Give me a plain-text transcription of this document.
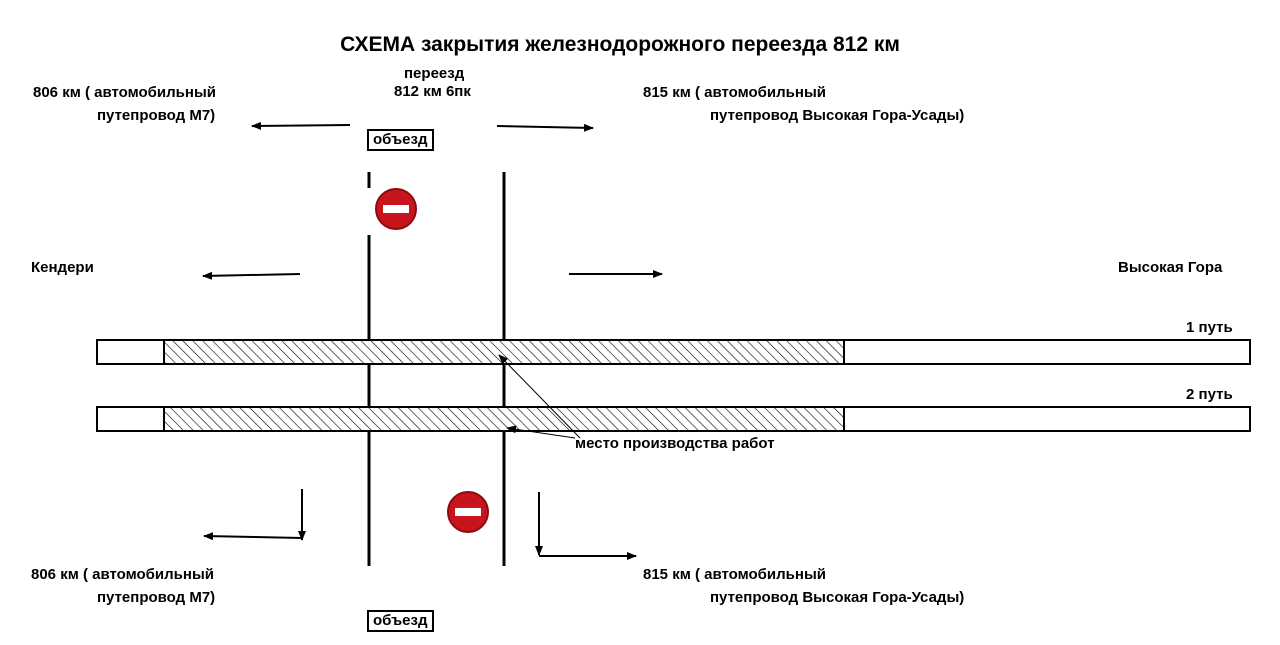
СХЕМА закрытия железнодорожного переезда 812 км
переезд
812 км 6пк
объезд
объезд
806 км ( автомобильный
путепровод М7)
815 км ( автомобильный
путепровод Высокая Гора-Усады)
Кендери	Высокая Гора
1 путь
2 путь
место производства работ
806 км ( автомобильный
путепровод М7)
815 км ( автомобильный
путепровод Высокая Гора-Усады)
